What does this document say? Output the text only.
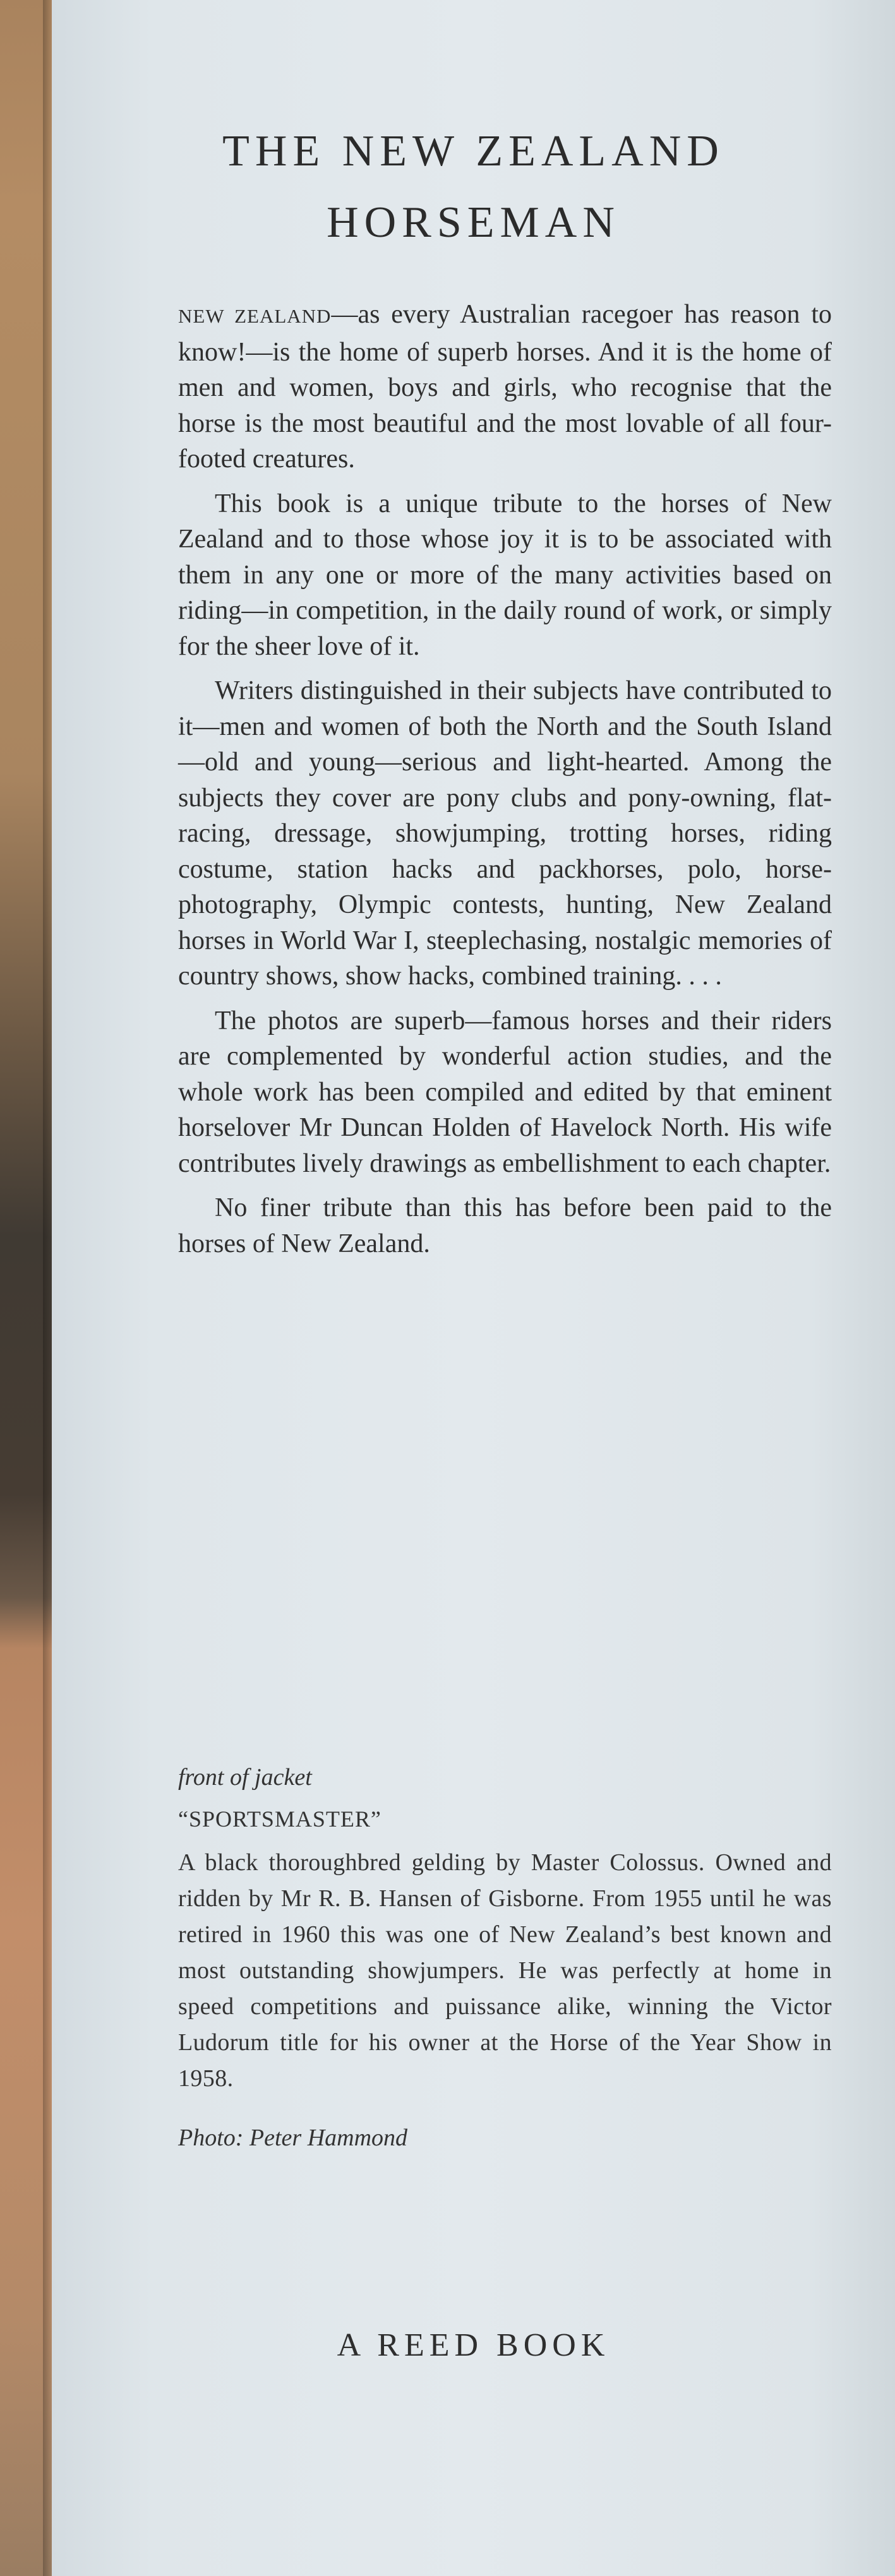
THE NEW ZEALAND
HORSEMAN

NEW ZEALAND—as every Australian racegoer has reason to know!—is the home of superb horses. And it is the home of men and women, boys and girls, who recognise that the horse is the most beautiful and the most lovable of all four-footed creatures.

This book is a unique tribute to the horses of New Zealand and to those whose joy it is to be associated with them in any one or more of the many activities based on riding—in competition, in the daily round of work, or simply for the sheer love of it.

Writers distinguished in their subjects have contributed to it—men and women of both the North and the South Island—old and young—serious and light-hearted. Among the subjects they cover are pony clubs and pony-owning, flat-racing, dressage, showjumping, trotting horses, riding costume, station hacks and packhorses, polo, horse-photography, Olympic contests, hunting, New Zealand horses in World War I, steeplechasing, nostalgic memories of country shows, show hacks, combined training. . . .

The photos are superb—famous horses and their riders are complemented by wonderful action studies, and the whole work has been compiled and edited by that eminent horselover Mr Duncan Holden of Havelock North. His wife contributes lively drawings as embellishment to each chapter.

No finer tribute than this has before been paid to the horses of New Zealand.

front of jacket

“SPORTSMASTER”

A black thoroughbred gelding by Master Colossus. Owned and ridden by Mr R. B. Hansen of Gisborne. From 1955 until he was retired in 1960 this was one of New Zealand’s best known and most outstanding showjumpers. He was perfectly at home in speed competitions and puissance alike, winning the Victor Ludorum title for his owner at the Horse of the Year Show in 1958.

Photo: Peter Hammond

A REED BOOK
